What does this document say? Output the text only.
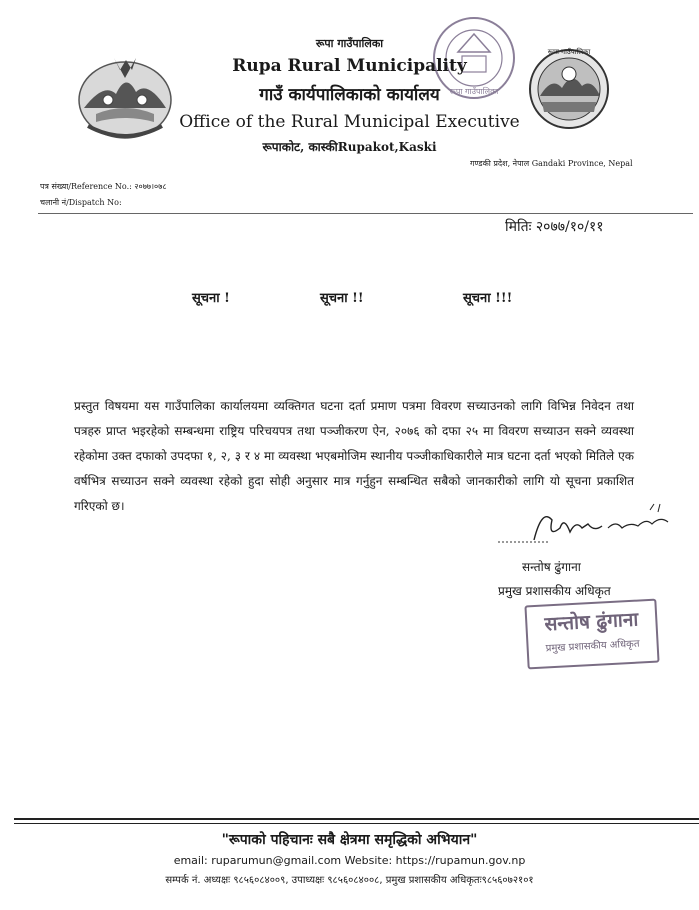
रूपा गाउँपालिका
रूपा गाउँपालिका
रूपा गाउँपालिका
Rupa Rural Municipality
गाउँ कार्यपालिकाको कार्यालय
Office of the Rural Municipal Executive
रूपाकोट, कास्कीRupakot,Kaski
गण्डकी प्रदेश, नेपाल Gandaki Province, Nepal
पत्र संख्या/Reference No.: २०७७।०७८
चलानी नं/Dispatch No:
मितिः २०७७/१०/११
सूचना !	सूचना !!	सूचना !!!
प्रस्तुत विषयमा यस गाउँपालिका कार्यालयमा व्यक्तिगत घटना दर्ता प्रमाण पत्रमा विवरण सच्याउनको लागि विभिन्न निवेदन तथा पत्रहरु प्राप्त भइरहेको सम्बन्धमा राष्ट्रिय परिचयपत्र तथा पञ्जीकरण ऐन, २०७६ को दफा २५ मा विवरण सच्याउन सक्ने व्यवस्था रहेकोमा उक्त दफाको उपदफा १, २, ३ र ४ मा व्यवस्था भएबमोजिम स्थानीय पञ्जीकाधिकारीले मात्र घटना दर्ता भएको मितिले एक वर्षभित्र सच्याउन सक्ने व्यवस्था रहेको हुदा सोही अनुसार मात्र गर्नुहुन सम्बन्धित सबैको जानकारीको लागि यो सूचना प्रकाशित गरिएको छ।
सन्तोष ढुंगाना
प्रमुख प्रशासकीय अधिकृत
सन्तोष ढुंगाना
प्रमुख प्रशासकीय अधिकृत
"रूपाको पहिचानः सबै क्षेत्रमा समृद्धिको अभियान"
email: ruparumun@gmail.com Website: https://rupamun.gov.np
सम्पर्क नं. अध्यक्षः ९८५६०८४००९, उपाध्यक्षः ९८५६०८४००८, प्रमुख प्रशासकीय अधिकृतः९८५६०७२१०१
